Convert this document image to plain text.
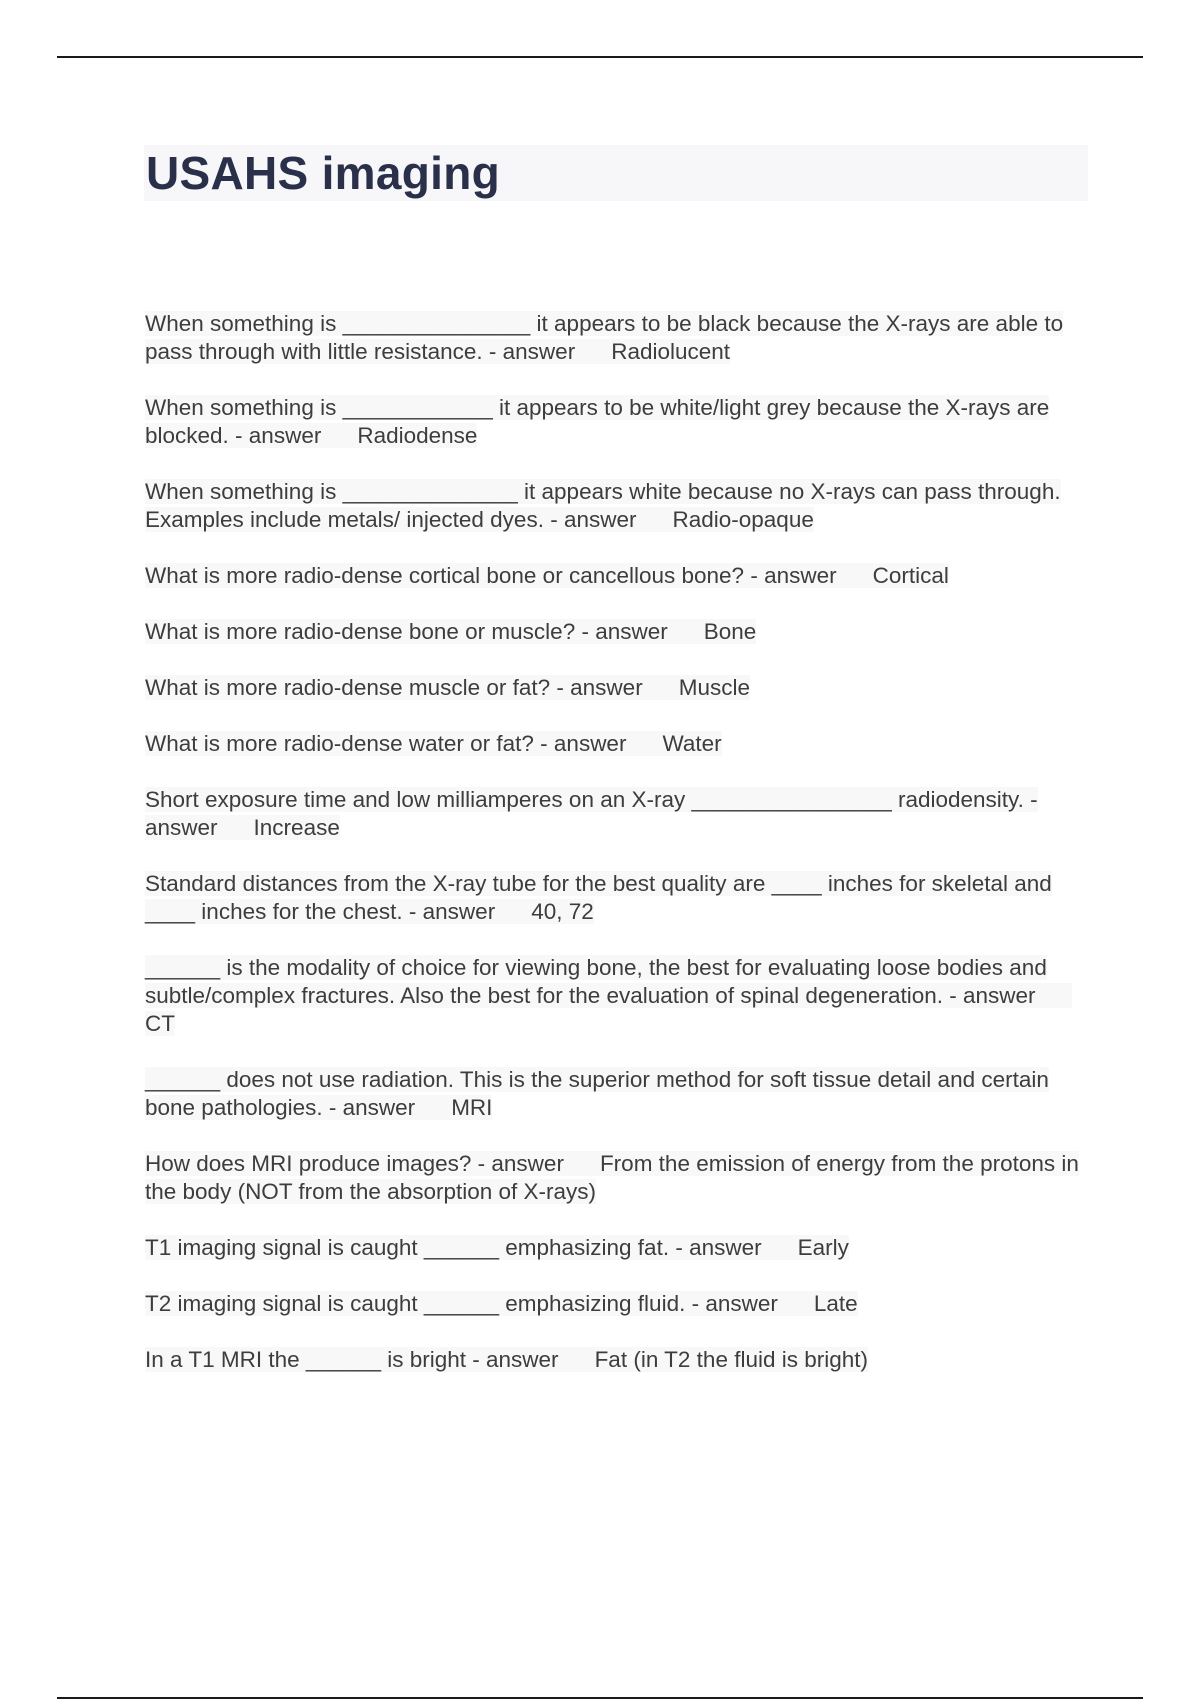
USAHS imaging

When something is _______________ it appears to be black because the X-rays are able to pass through with little resistance. - answer Radiolucent

When something is ____________ it appears to be white/light grey because the X-rays are blocked. - answer Radiodense

When something is ______________ it appears white because no X-rays can pass through. Examples include metals/ injected dyes. - answer Radio-opaque

What is more radio-dense cortical bone or cancellous bone? - answer Cortical

What is more radio-dense bone or muscle? - answer Bone

What is more radio-dense muscle or fat? - answer Muscle

What is more radio-dense water or fat? - answer Water

Short exposure time and low milliamperes on an X-ray ________________ radiodensity. - answer Increase

Standard distances from the X-ray tube for the best quality are ____ inches for skeletal and ____ inches for the chest. - answer 40, 72

______ is the modality of choice for viewing bone, the best for evaluating loose bodies and subtle/complex fractures. Also the best for the evaluation of spinal degeneration. - answerCT

______ does not use radiation. This is the superior method for soft tissue detail and certain bone pathologies. - answer MRI

How does MRI produce images? - answer From the emission of energy from the protons in the body (NOT from the absorption of X-rays)

T1 imaging signal is caught ______ emphasizing fat. - answer Early

T2 imaging signal is caught ______ emphasizing fluid. - answer Late

In a T1 MRI the ______ is bright - answer Fat (in T2 the fluid is bright)
